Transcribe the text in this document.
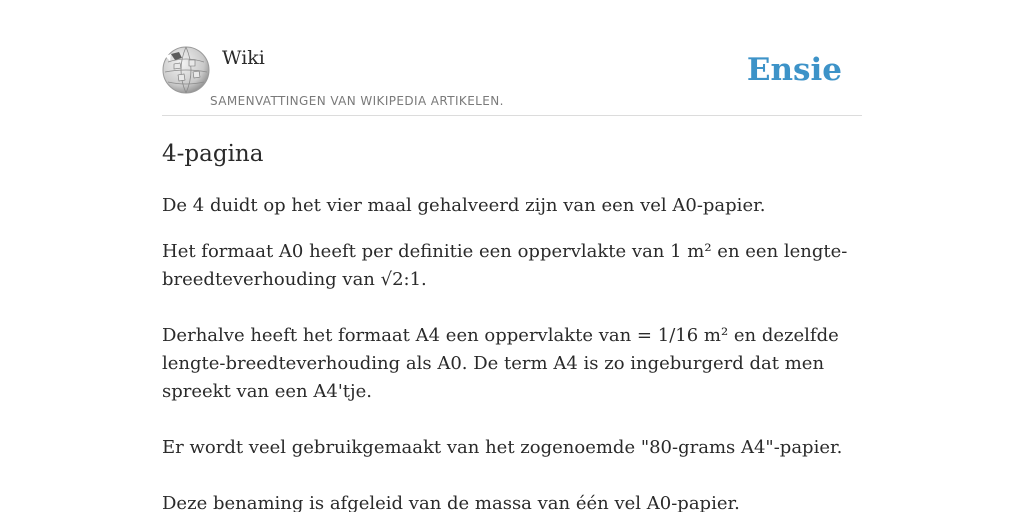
Wiki
SAMENVATTINGEN VAN WIKIPEDIA ARTIKELEN.
Ensie
4-pagina

De 4 duidt op het vier maal gehalveerd zijn van een vel A0-papier.

Het formaat A0 heeft per definitie een oppervlakte van 1 m² en een lengte-breedteverhouding van √2:1.

Derhalve heeft het formaat A4 een oppervlakte van = 1/16 m² en dezelfde lengte-breedteverhouding als A0. De term A4 is zo ingeburgerd dat men spreekt van een A4'tje.

Er wordt veel gebruikgemaakt van het zogenoemde "80-grams A4"-papier.

Deze benaming is afgeleid van de massa van één vel A0-papier.
